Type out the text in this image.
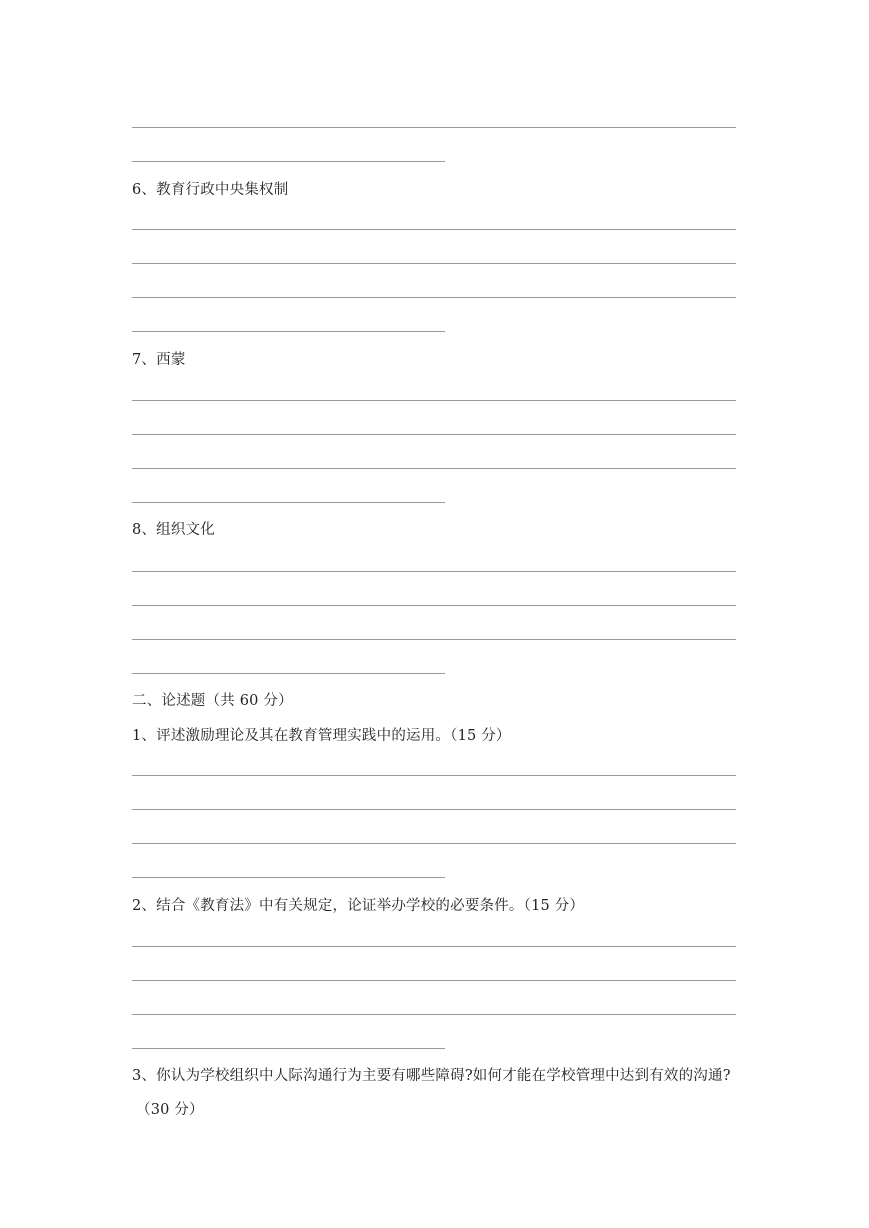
6、教育行政中央集权制
7、西蒙
8、组织文化
二、论述题（共 60 分）
1、评述激励理论及其在教育管理实践中的运用。（15 分）
2、结合《教育法》中有关规定，论证举办学校的必要条件。（15 分）
3、你认为学校组织中人际沟通行为主要有哪些障碍?如何才能在学校管理中达到有效的沟通?
（30 分）
